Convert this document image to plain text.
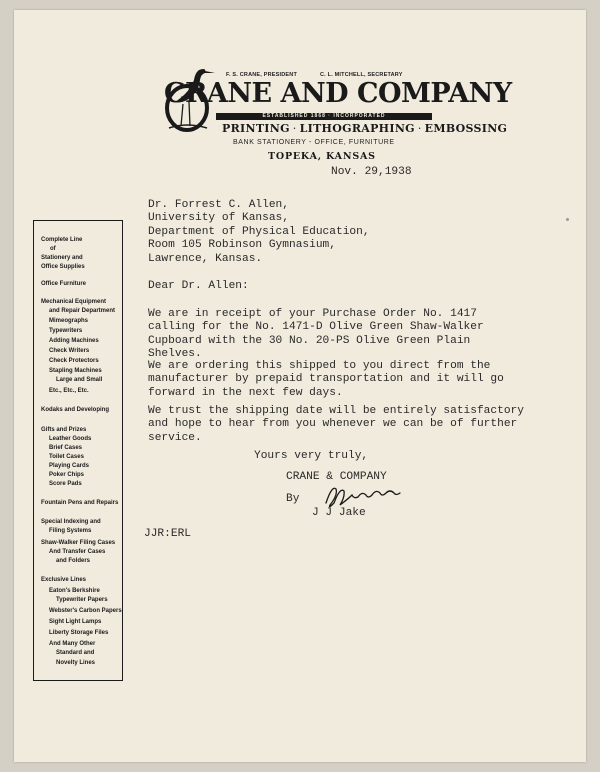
F. S. CRANE, PRESIDENT	C. L. MITCHELL, SECRETARY
CRANE AND COMPANY
ESTABLISHED 1868 · INCORPORATED
PRINTING · LITHOGRAPHING · EMBOSSING
BANK STATIONERY - OFFICE, FURNITURE
TOPEKA, KANSAS
Nov. 29,1938
Dr. Forrest C. Allen,
University of Kansas,
Department of Physical Education,
Room 105 Robinson Gymnasium,
Lawrence, Kansas.
Dear Dr. Allen:
We are in receipt of your Purchase Order No. 1417
calling for the No. 1471-D Olive Green Shaw-Walker
Cupboard with the 30 No. 20-PS Olive Green Plain
Shelves.
We are ordering this shipped to you direct from the
manufacturer by prepaid transportation and it will go
forward in the next few days.
We trust the shipping date will be entirely satisfactory
and hope to hear from you whenever we can be of further
service.
Yours very truly,
CRANE & COMPANY
By
J J Jake
JJR:ERL
Complete Line
of
Stationery and
Office Supplies
Office Furniture
Mechanical Equipment
and Repair Department
Mimeographs
Typewriters
Adding Machines
Check Writers
Check Protectors
Stapling Machines
Large and Small
Etc., Etc., Etc.
Kodaks and Developing
Gifts and Prizes
Leather Goods
Brief Cases
Toilet Cases
Playing Cards
Poker Chips
Score Pads
Fountain Pens and Repairs
Special Indexing and
Filing Systems
Shaw-Walker Filing Cases
And Transfer Cases
and Folders
Exclusive Lines
Eaton's Berkshire
Typewriter Papers
Webster's Carbon Papers
Sight Light Lamps
Liberty Storage Files
And Many Other
Standard and
Novelty Lines
